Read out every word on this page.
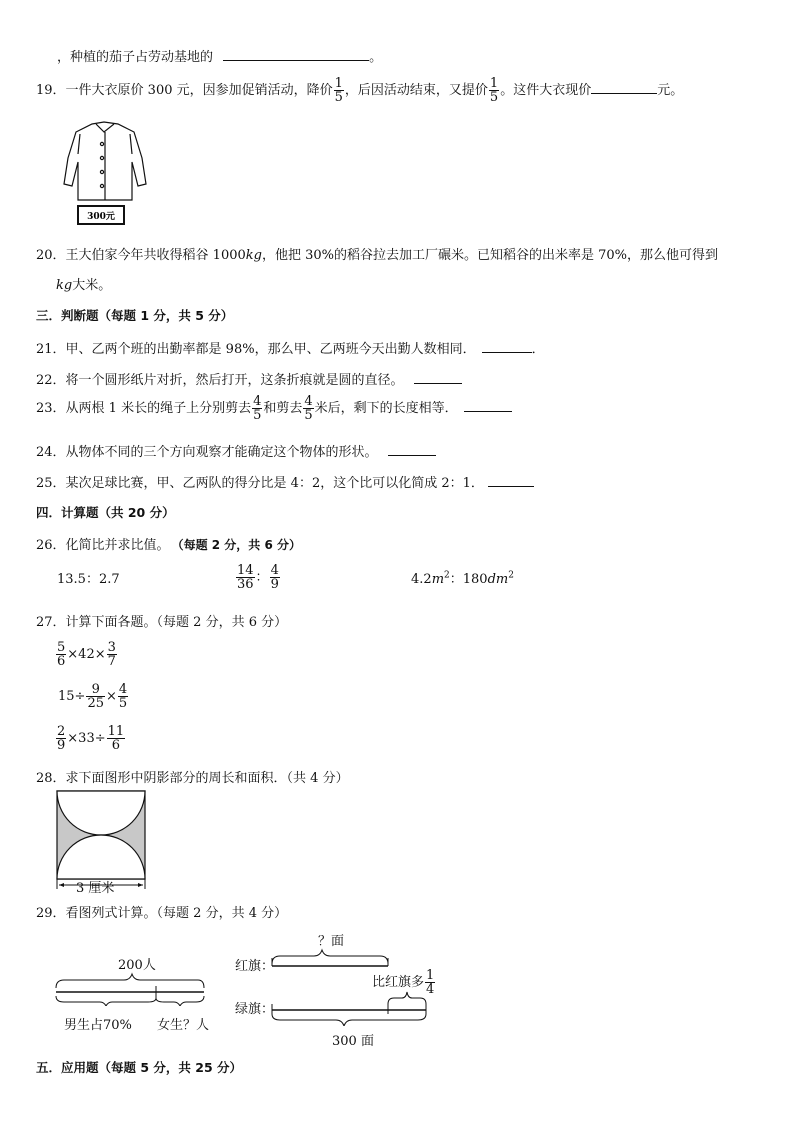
，种植的茄子占劳动基地的	。
19．一件大衣原价 300 元，因参加促销活动，降价 $\frac{1}{5}$ ，后因活动结束，又提价 $\frac{1}{5}$ 。这件大衣现价	元。
300元
20．王大伯家今年共收得稻谷 1000kg，他把 30%的稻谷拉去加工厂碾米。已知稻谷的出米率是 70%，那么他可得到
kg大米。
三．判断题（每题 1 分，共 5 分）
21．甲、乙两个班的出勤率都是 98%，那么甲、乙两班今天出勤人数相同．	．
22．将一个圆形纸片对折，然后打开，这条折痕就是圆的直径。
23．从两根 1 米长的绳子上分别剪去 $\frac{4}{5}$ 和剪去 $\frac{4}{5}$ 米后，剩下的长度相等．
24．从物体不同的三个方向观察才能确定这个物体的形状。
25．某次足球比赛，甲、乙两队的得分比是 4：2，这个比可以化简成 2：1．
四．计算题（共 20 分）
26．化简比并求比值。 （每题 2 分，共 6 分）
13.5：2.7	$\frac{14}{36}$ ： $\frac{4}{9}$	$4.2m^2$：$180dm^2$
27．计算下面各题。（每题 2 分，共 6 分）
$\frac{5}{6} \times 42\times \frac{3}{7}$
$15\div \frac{9}{25} \times \frac{4}{5}$
$\frac{2}{9} \times 33\div \frac{11}{6}$
28．求下面图形中阴影部分的周长和面积．（共 4 分）
3 厘米
29．看图列式计算。（每题 2 分，共 4 分）
200人
男生占70% 女生？人
？面
红旗：
绿旗：
比红旗多 $\frac{1}{4}$
300 面
五．应用题（每题 5 分，共 25 分）
